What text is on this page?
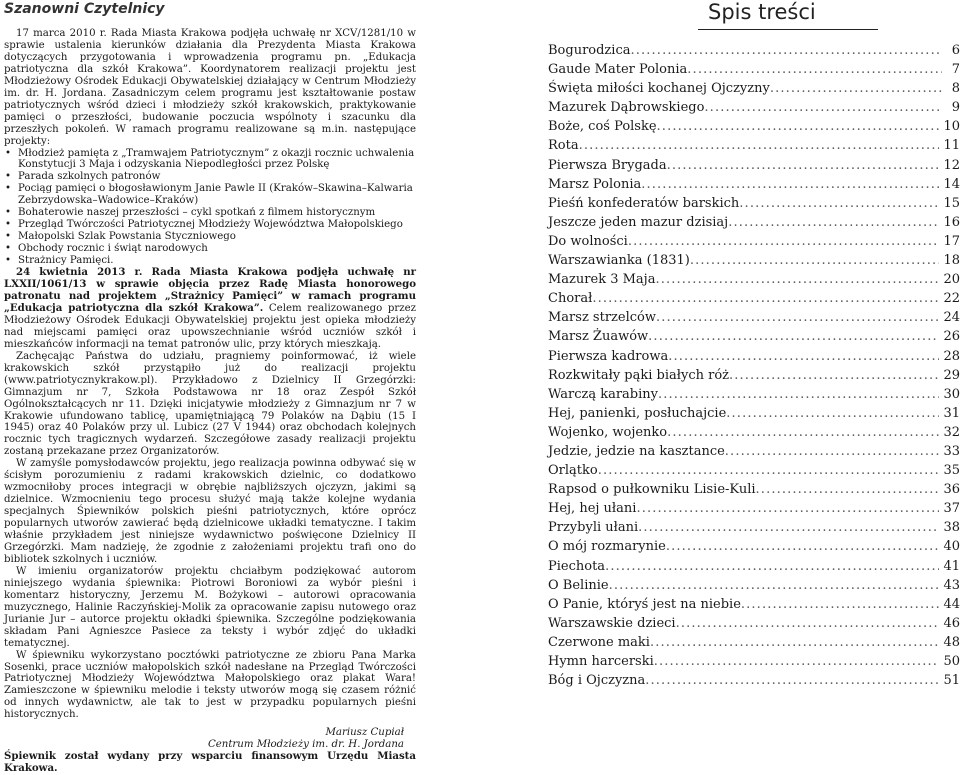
Szanowni Czytelnicy

17 marca 2010 r. Rada Miasta Krakowa podjęła uchwałę nr XCV/1281/10 w sprawie ustalenia kierunków działania dla Prezydenta Miasta Krakowa dotyczących przygotowania i wprowadzenia programu pn. „Edukacja patriotyczna dla szkół Krakowa”. Koordynatorem realizacji projektu jest Młodzieżowy Ośrodek Edukacji Obywatelskiej działający w Centrum Młodzieży im. dr. H. Jordana. Zasadniczym celem programu jest kształtowanie postaw patriotycznych wśród dzieci i młodzieży szkół krakowskich, praktykowanie pamięci o przeszłości, budowanie poczucia wspólnoty i szacunku dla przeszłych pokoleń. W ramach programu realizowane są m.in. następujące projekty:

• Młodzież pamięta z „Tramwajem Patriotycznym” z okazji rocznic uchwalenia Konstytucji 3 Maja i odzyskania Niepodległości przez Polskę
• Parada szkolnych patronów
• Pociąg pamięci o błogosławionym Janie Pawle II (Kraków–Skawina–Kalwaria Zebrzydowska–Wadowice–Kraków)
• Bohaterowie naszej przeszłości – cykl spotkań z filmem historycznym
• Przegląd Twórczości Patriotycznej Młodzieży Województwa Małopolskiego
• Małopolski Szlak Powstania Styczniowego
• Obchody rocznic i świąt narodowych
• Strażnicy Pamięci.

24 kwietnia 2013 r. Rada Miasta Krakowa podjęła uchwałę nr LXXII/1061/13 w sprawie objęcia przez Radę Miasta honorowego patronatu nad projektem „Strażnicy Pamięci” w ramach programu „Edukacja patriotyczna dla szkół Krakowa”. Celem realizowanego przez Młodzieżowy Ośrodek Edukacji Obywatelskiej projektu jest opieka młodzieży nad miejscami pamięci oraz upowszechnianie wśród uczniów szkół i mieszkańców informacji na temat patronów ulic, przy których mieszkają.

Zachęcając Państwa do udziału, pragniemy poinformować, iż wiele krakowskich szkół przystąpiło już do realizacji projektu (www.patriotycznykrakow.pl). Przykładowo z Dzielnicy II Grzegórzki: Gimnazjum nr 7, Szkoła Podstawowa nr 18 oraz Zespół Szkół Ogólnokształcących nr 11. Dzięki inicjatywie młodzieży z Gimnazjum nr 7 w Krakowie ufundowano tablicę, upamiętniającą 79 Polaków na Dąbiu (15 I 1945) oraz 40 Polaków przy ul. Lubicz (27 V 1944) oraz obchodach kolejnych rocznic tych tragicznych wydarzeń. Szczegółowe zasady realizacji projektu zostaną przekazane przez Organizatorów.

W zamyśle pomysłodawców projektu, jego realizacja powinna odbywać się w ścisłym porozumieniu z radami krakowskich dzielnic, co dodatkowo wzmocniłoby proces integracji w obrębie najbliższych ojczyzn, jakimi są dzielnice. Wzmocnieniu tego procesu służyć mają także kolejne wydania specjalnych Śpiewników polskich pieśni patriotycznych, które oprócz popularnych utworów zawierać będą dzielnicowe układki tematyczne. I takim właśnie przykładem jest niniejsze wydawnictwo poświęcone Dzielnicy II Grzegórzki. Mam nadzieję, że zgodnie z założeniami projektu trafi ono do bibliotek szkolnych i uczniów.

W imieniu organizatorów projektu chciałbym podziękować autorom niniejszego wydania śpiewnika: Piotrowi Boroniowi za wybór pieśni i komentarz historyczny, Jerzemu M. Bożykowi – autorowi opracowania muzycznego, Halinie Raczyńskiej-Molik za opracowanie zapisu nutowego oraz Jurianie Jur – autorce projektu okładki śpiewnika. Szczególne podziękowania składam Pani Agnieszce Pasiece za teksty i wybór zdjęć do układki tematycznej.

W śpiewniku wykorzystano pocztówki patriotyczne ze zbioru Pana Marka Sosenki, prace uczniów małopolskich szkół nadesłane na Przegląd Twórczości Patriotycznej Młodzieży Województwa Małopolskiego oraz plakat Wara! Zamieszczone w śpiewniku melodie i teksty utworów mogą się czasem różnić od innych wydawnictw, ale tak to jest w przypadku popularnych pieśni historycznych.

Mariusz Cupiał
Centrum Młodzieży im. dr. H. Jordana

Śpiewnik został wydany przy wsparciu finansowym Urzędu Miasta Krakowa.

Spis treści
Bogurodzica . . .	6
Gaude Mater Polonia . . .	7
Święta miłości kochanej Ojczyzny . . .	8
Mazurek Dąbrowskiego . . .	9
Boże, coś Polskę . . .	10
Rota . . .	11
Pierwsza Brygada . . .	12
Marsz Polonia . . .	14
Pieśń konfederatów barskich . . .	15
Jeszcze jeden mazur dzisiaj . . .	16
Do wolności . . .	17
Warszawianka (1831) . . .	18
Mazurek 3 Maja . . .	20
Chorał . . .	22
Marsz strzelców . . .	24
Marsz Żuawów . . .	26
Pierwsza kadrowa . . .	28
Rozkwitały pąki białych róż . . .	29
Warczą karabiny . . .	30
Hej, panienki, posłuchajcie . . .	31
Wojenko, wojenko . . .	32
Jedzie, jedzie na kasztance . . .	33
Orlątko . . .	35
Rapsod o pułkowniku Lisie-Kuli . . .	36
Hej, hej ułani . . .	37
Przybyli ułani . . .	38
O mój rozmarynie . . .	40
Piechota . . .	41
O Belinie . . .	43
O Panie, któryś jest na niebie . . .	44
Warszawskie dzieci . . .	46
Czerwone maki . . .	48
Hymn harcerski . . .	50
Bóg i Ojczyzna . . .	51
